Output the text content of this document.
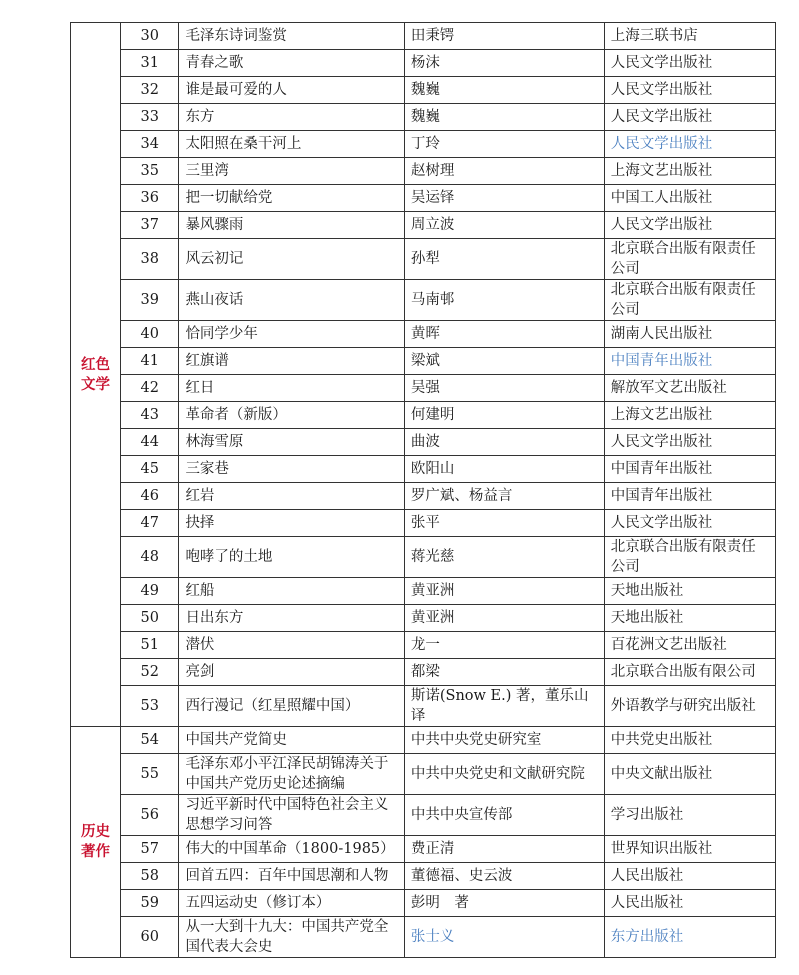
红色文学	30	毛泽东诗词鉴赏	田秉锷	上海三联书店
	31	青春之歌	杨沫	人民文学出版社
	32	谁是最可爱的人	魏巍	人民文学出版社
	33	东方	魏巍	人民文学出版社
	34	太阳照在桑干河上	丁玲	人民文学出版社
	35	三里湾	赵树理	上海文艺出版社
	36	把一切献给党	吴运铎	中国工人出版社
	37	暴风骤雨	周立波	人民文学出版社
	38	风云初记	孙犁	北京联合出版有限责任公司
	39	燕山夜话	马南邨	北京联合出版有限责任公司
	40	恰同学少年	黄晖	湖南人民出版社
	41	红旗谱	梁斌	中国青年出版社
	42	红日	吴强	解放军文艺出版社
	43	革命者（新版）	何建明	上海文艺出版社
	44	林海雪原	曲波	人民文学出版社
	45	三家巷	欧阳山	中国青年出版社
	46	红岩	罗广斌、杨益言	中国青年出版社
	47	抉择	张平	人民文学出版社
	48	咆哮了的土地	蒋光慈	北京联合出版有限责任公司
	49	红船	黄亚洲	天地出版社
	50	日出东方	黄亚洲	天地出版社
	51	潜伏	龙一	百花洲文艺出版社
	52	亮剑	都梁	北京联合出版有限公司
	53	西行漫记（红星照耀中国）	斯诺(Snow E.) 著，董乐山 译	外语教学与研究出版社
历史著作	54	中国共产党简史	中共中央党史研究室	中共党史出版社
	55	毛泽东邓小平江泽民胡锦涛关于中国共产党历史论述摘编	中共中央党史和文献研究院	中央文献出版社
	56	习近平新时代中国特色社会主义思想学习问答	中共中央宣传部	学习出版社
	57	伟大的中国革命（1800-1985）	费正清	世界知识出版社
	58	回首五四：百年中国思潮和人物	董德福、史云波	人民出版社
	59	五四运动史（修订本）	彭明　著	人民出版社
	60	从一大到十九大：中国共产党全国代表大会史	张士义	东方出版社
